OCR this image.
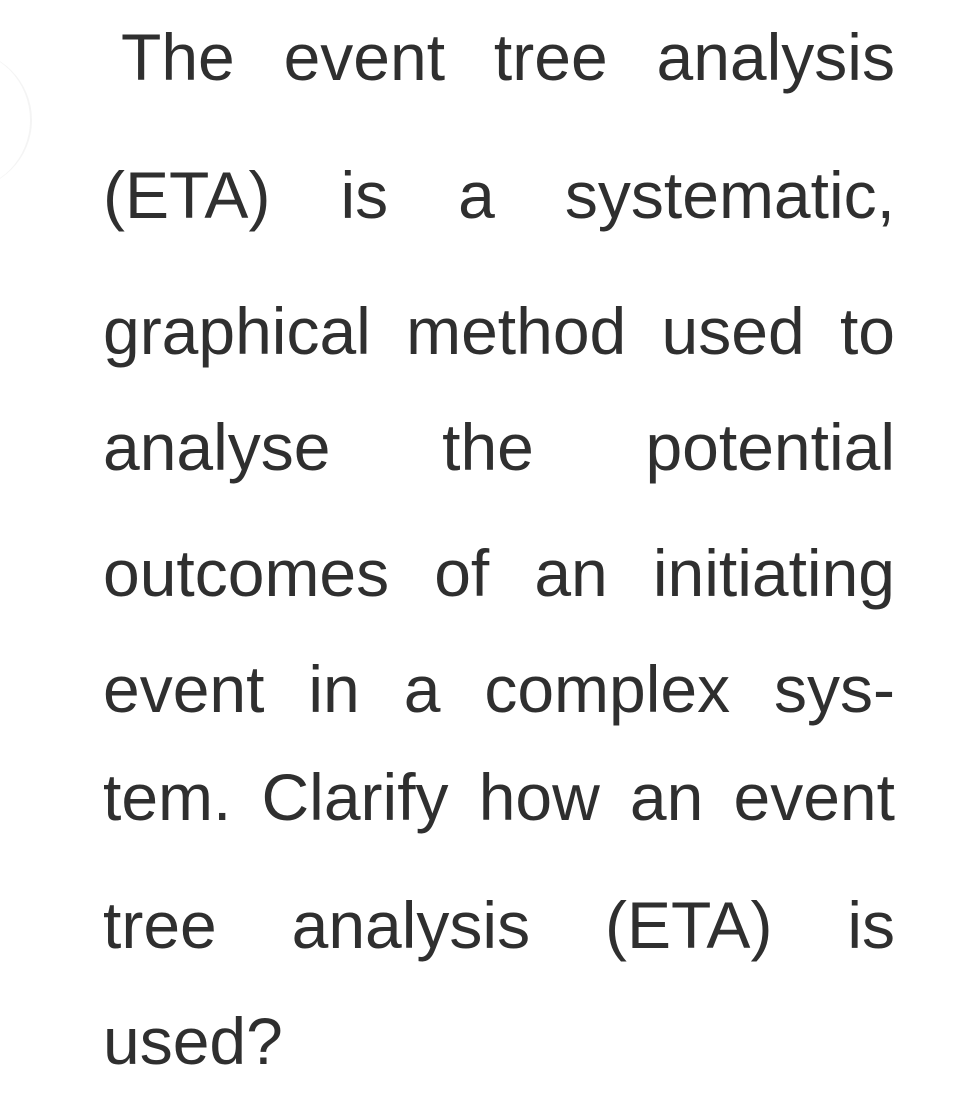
The event tree analysis
(ETA) is a systematic,
graphical method used to
analyse the potential
outcomes of an initiating
event in a complex sys-
tem. Clarify how an event
tree analysis (ETA) is
used?
